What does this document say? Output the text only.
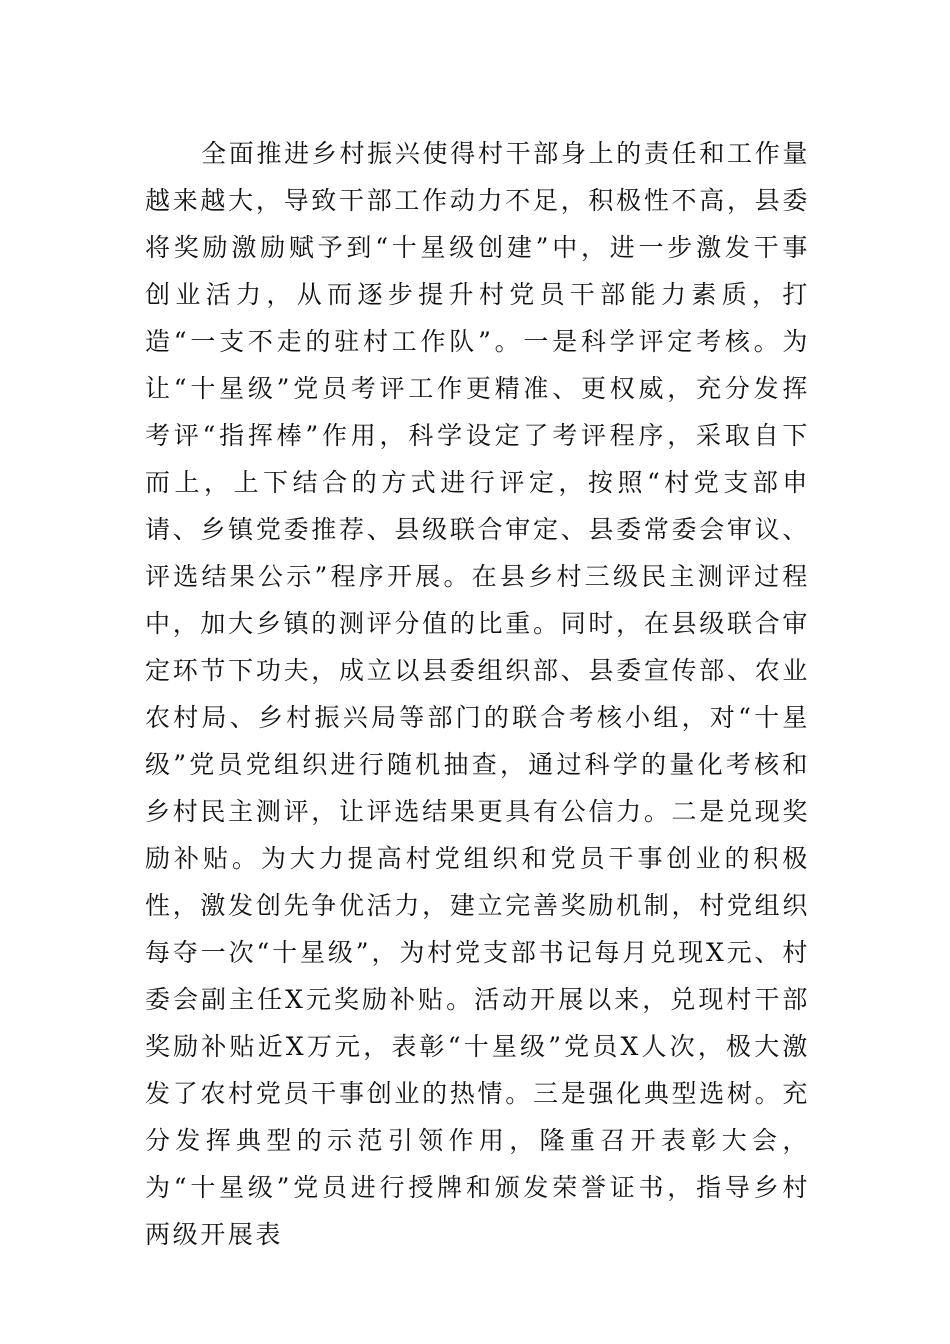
全面推进乡村振兴使得村干部身上的责任和工作量越来越大，导致干部工作动力不足，积极性不高，县委将奖励激励赋予到“十星级创建”中，进一步激发干事创业活力，从而逐步提升村党员干部能力素质，打造“一支不走的驻村工作队”。一是科学评定考核。为让“十星级”党员考评工作更精准、更权威，充分发挥考评“指挥棒”作用，科学设定了考评程序，采取自下而上，上下结合的方式进行评定，按照“村党支部申请、乡镇党委推荐、县级联合审定、县委常委会审议、评选结果公示”程序开展。在县乡村三级民主测评过程中，加大乡镇的测评分值的比重。同时，在县级联合审定环节下功夫，成立以县委组织部、县委宣传部、农业农村局、乡村振兴局等部门的联合考核小组，对“十星级”党员党组织进行随机抽查，通过科学的量化考核和乡村民主测评，让评选结果更具有公信力。二是兑现奖励补贴。为大力提高村党组织和党员干事创业的积极性，激发创先争优活力，建立完善奖励机制，村党组织每夺一次“十星级”，为村党支部书记每月兑现X元、村委会副主任X元奖励补贴。活动开展以来，兑现村干部奖励补贴近X万元，表彰“十星级”党员X人次，极大激发了农村党员干事创业的热情。三是强化典型选树。充分发挥典型的示范引领作用，隆重召开表彰大会，为“十星级”党员进行授牌和颁发荣誉证书，指导乡村两级开展表
